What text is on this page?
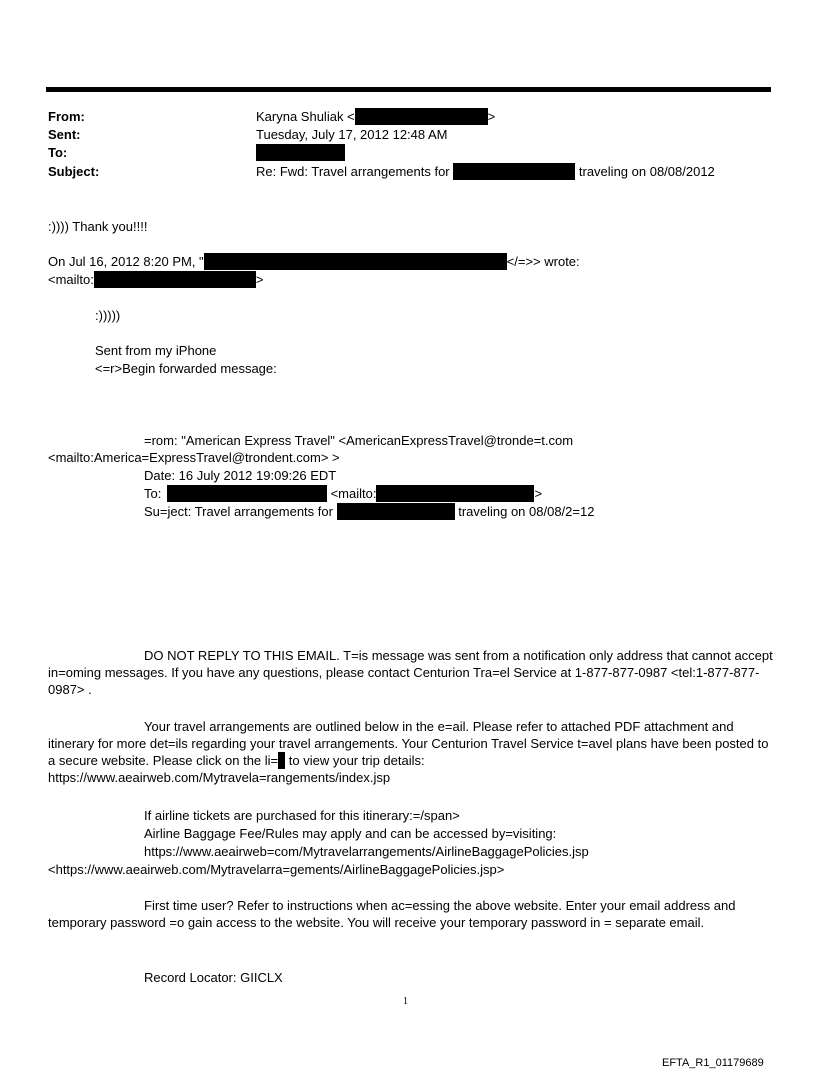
From:	Karyna Shuliak <	>
Sent:	Tuesday, July 17, 2012 12:48 AM
To:
Subject:	Re: Fwd: Travel arrangements for	traveling on 08/08/2012
:)))) Thank you!!!!
On Jul 16, 2012 8:20 PM, "	</=>> wrote:
<mailto:	>
:)))))
Sent from my iPhone
<=r>Begin forwarded message:
=rom: "American Express Travel" <AmericanExpressTravel@tronde=t.com
<mailto:America=ExpressTravel@trondent.com> >
Date: 16 July 2012 19:09:26 EDT
To:	<mailto:	>
Su=ject: Travel arrangements for	traveling on 08/08/2=12
DO NOT REPLY TO THIS EMAIL. T=is message was sent from a notification only address that cannot accept in=oming messages. If you have any questions, please contact Centurion Tra=el Service at 1-877-877-0987 <tel:1-877-877-0987> .
Your travel arrangements are outlined below in the e=ail. Please refer to attached PDF attachment and itinerary for more det=ils regarding your travel arrangements. Your Centurion Travel Service t=avel plans have been posted to a secure website. Please click on the li= to view your trip details:
https://www.aeairweb.com/Mytravela=rangements/index.jsp
If airline tickets are purchased for this itinerary:=/span>
Airline Baggage Fee/Rules may apply and can be accessed by=visiting:
https://www.aeairweb=com/Mytravelarrangements/AirlineBaggagePolicies.jsp
<https://www.aeairweb.com/Mytravelarra=gements/AirlineBaggagePolicies.jsp>
First time user? Refer to instructions when ac=essing the above website. Enter your email address and temporary password =o gain access to the website. You will receive your temporary password in = separate email.
Record Locator: GIICLX
1
EFTA_R1_01179689
